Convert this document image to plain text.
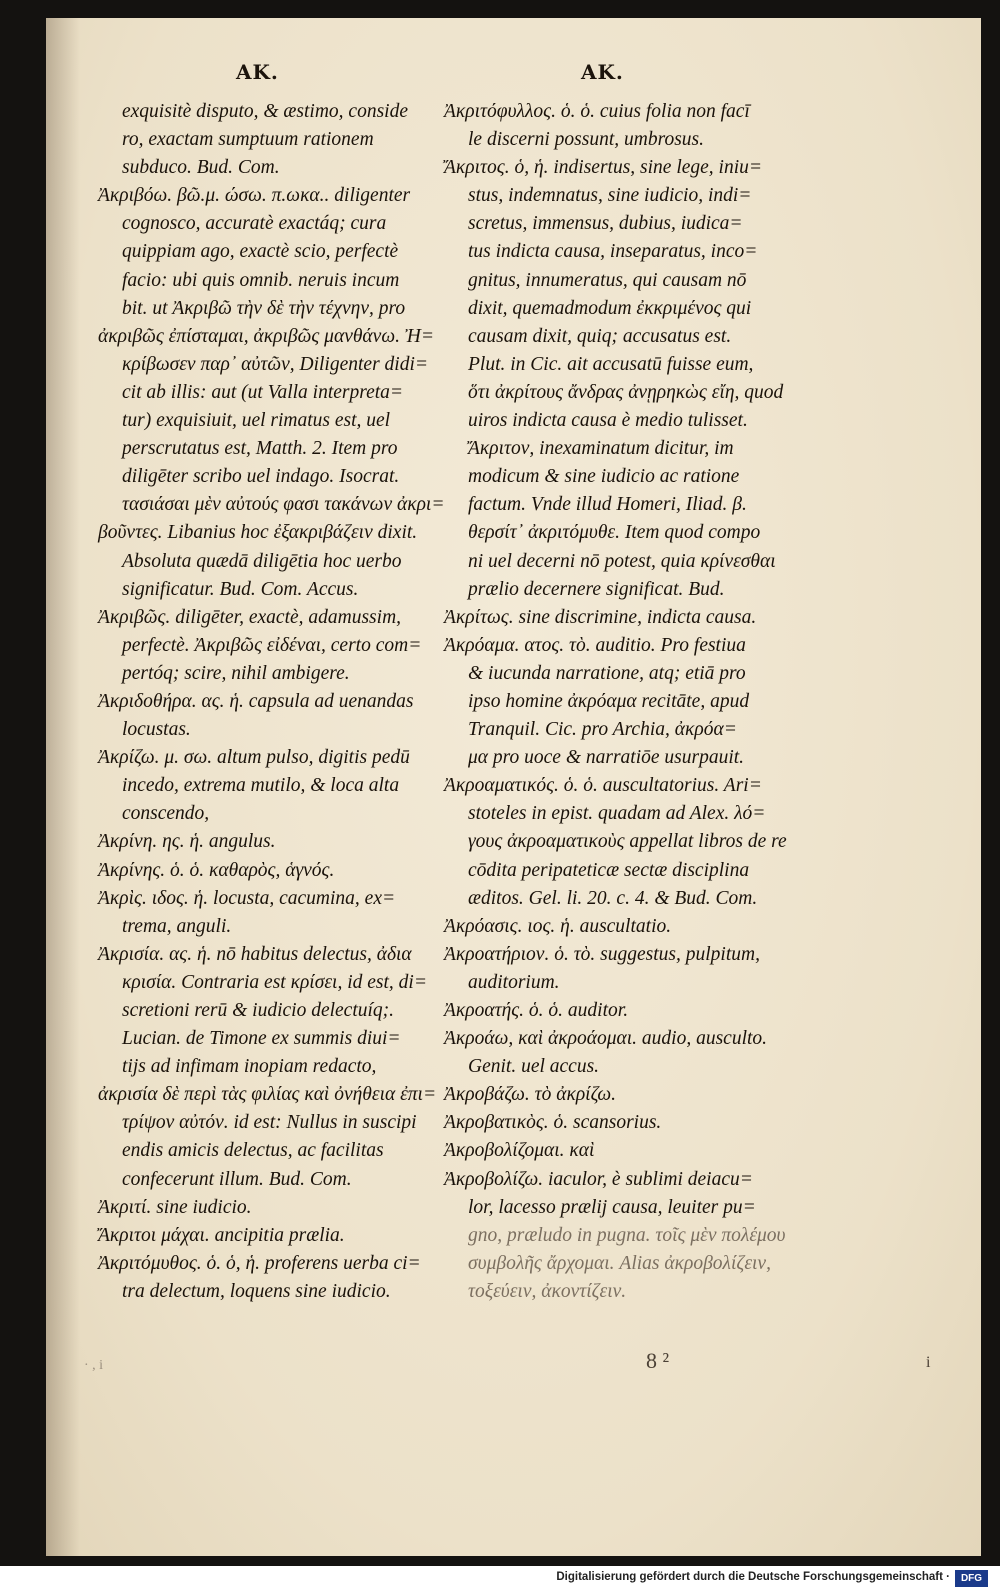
AK.	AK.

exquisitè disputo, & æstimo, conside

ro, exactam sumptuum rationem

subduco. Bud. Com.

Ἀκριβόω. βῶ.μ. ώσω. π.ωκα.. diligenter

cognosco, accuratè exactáq; cura

quippiam ago, exactè scio, perfectè

facio: ubi quis omnib. neruis incum

bit. ut Ἀκριβῶ τὴν δὲ τὴν τέχνην, pro

ἀκριβῶς ἐπίσταμαι, ἀκριβῶς μανθάνω. Ἠ=

κρίβωσεν παρ᾽ αὐτῶν, Diligenter didi=

cit ab illis: aut (ut Valla interpreta=

tur) exquisiuit, uel rimatus est, uel

perscrutatus est, Matth. 2. Item pro

diligēter scribo uel indago. Isocrat.

τασιάσαι μὲν αὐτούς φασι τακάνων ἀκρι=

βοῦντες. Libanius hoc ἐξακριβάζειν dixit.

Absoluta quædā diligētia hoc uerbo

significatur. Bud. Com. Accus.

Ἀκριβῶς. diligēter, exactè, adamussim,

perfectè. Ἀκριβῶς εἰδέναι, certo com=

pertóq; scire, nihil ambigere.

Ἀκριδοθήρα. ας. ἡ. capsula ad uenandas

locustas.

Ἀκρίζω. μ. σω. altum pulso, digitis pedū

incedo, extrema mutilo, & loca alta

conscendo,

Ἀκρίνη. ης. ἡ. angulus.

Ἀκρίνης. ὁ. ὁ. καθαρὸς, ἁγνός.

Ἀκρὶς. ιδος. ἡ. locusta, cacumina, ex=

trema, anguli.

Ἀκρισία. ας. ἡ. nō habitus delectus, ἀδια

κρισία. Contraria est κρίσει, id est, di=

scretioni rerū & iudicio delectuíq;.

Lucian. de Timone ex summis diui=

tijs ad infimam inopiam redacto,

ἀκρισία δὲ περὶ τὰς φιλίας καὶ ὀνήθεια ἐπι=

τρίψον αὐτόν. id est: Nullus in suscipi

endis amicis delectus, ac facilitas

confecerunt illum. Bud. Com.

Ἀκριτί. sine iudicio.

Ἄκριτοι μάχαι. ancipitia prælia.

Ἀκριτόμυθος. ὁ. ὁ, ἡ. proferens uerba ci=

tra delectum, loquens sine iudicio.

Ἀκριτόφυλλος. ὁ. ὁ. cuius folia non facī

le discerni possunt, umbrosus.

Ἄκριτος. ὁ, ἡ. indisertus, sine lege, iniu=

stus, indemnatus, sine iudicio, indi=

scretus, immensus, dubius, iudica=

tus indicta causa, inseparatus, inco=

gnitus, innumeratus, qui causam nō

dixit, quemadmodum ἐκκριμένος qui

causam dixit, quiq; accusatus est.

Plut. in Cic. ait accusatū fuisse eum,

ὅτι ἀκρίτους ἄνδρας ἀνῃρηκὼς εἴη, quod

uiros indicta causa è medio tulisset.

Ἄκριτον, inexaminatum dicitur, im

modicum & sine iudicio ac ratione

factum. Vnde illud Homeri, Iliad. β.

θερσίτ᾽ ἀκριτόμυθε. Item quod compo

ni uel decerni nō potest, quia κρίνεσθαι

prælio decernere significat. Bud.

Ἀκρίτως. sine discrimine, indicta causa.

Ἀκρόαμα. ατος. τὸ. auditio. Pro festiua

& iucunda narratione, atq; etiā pro

ipso homine ἀκρόαμα recitāte, apud

Tranquil. Cic. pro Archia, ἀκρόα=

μα pro uoce & narratiōe usurpauit.

Ἀκροαματικός. ὁ. ὁ. auscultatorius. Ari=

stoteles in epist. quadam ad Alex. λό=

γους ἀκροαματικοὺς appellat libros de re

cōdita peripateticæ sectæ disciplina

æditos. Gel. li. 20. c. 4. & Bud. Com.

Ἀκρόασις. ιος. ἡ. auscultatio.

Ἀκροατήριον. ὁ. τὸ. suggestus, pulpitum,

auditorium.

Ἀκροατής. ὁ. ὁ. auditor.

Ἀκροάω, καὶ ἀκροάομαι. audio, ausculto.

Genit. uel accus.

Ἀκροβάζω. τὸ ἀκρίζω.

Ἀκροβατικὸς. ὁ. scansorius.

Ἀκροβολίζομαι. καὶ

Ἀκροβολίζω. iaculor, è sublimi deiacu=

lor, lacesso prælij causa, leuiter pu=

gno, præludo in pugna. τοῖς μὲν πολέμου

συμβολῆς ἄρχομαι. Alias ἀκροβολίζειν,

τοξεύειν, ἀκοντίζειν.

· , i	8 ²	i
Digitalisierung gefördert durch die Deutsche Forschungsgemeinschaft ·	DFG
